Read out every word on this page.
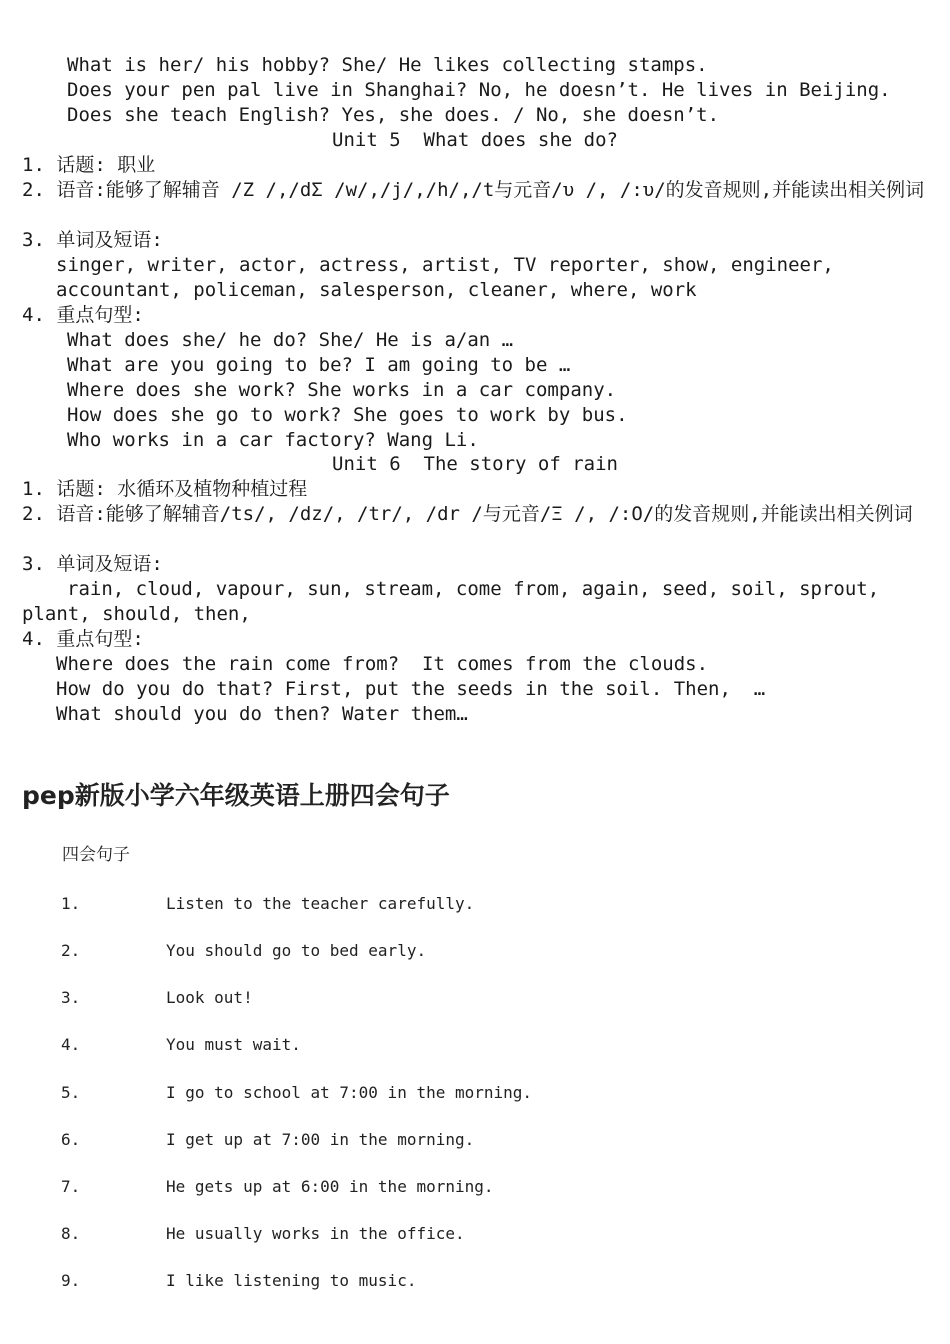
What is her/ his hobby? She/ He likes collecting stamps.
Does your pen pal live in Shanghai? No, he doesn’t. He lives in Beijing.
Does she teach English? Yes, she does. / No, she doesn’t.
Unit 5  What does she do?
1. 话题: 职业
2. 语音:能够了解辅音 /Z /,/dΣ /w/,/j/,/h/,/t与元音/υ /, /:υ/的发音规则,并能读出相关例词
3. 单词及短语:
singer, writer, actor, actress, artist, TV reporter, show, engineer,
accountant, policeman, salesperson, cleaner, where, work
4. 重点句型:
What does she/ he do? She/ He is a/an …
What are you going to be? I am going to be …
Where does she work? She works in a car company.
How does she go to work? She goes to work by bus.
Who works in a car factory? Wang Li.
Unit 6  The story of rain
1. 话题: 水循环及植物种植过程
2. 语音:能够了解辅音/ts/, /dz/, /tr/, /dr /与元音/Ξ /, /:O/的发音规则,并能读出相关例词
3. 单词及短语:
rain, cloud, vapour, sun, stream, come from, again, seed, soil, sprout,
plant, should, then,
4. 重点句型:
Where does the rain come from?  It comes from the clouds.
How do you do that? First, put the seeds in the soil. Then,  …
What should you do then? Water them…
pep新版小学六年级英语上册四会句子
四会句子
1.	Listen to the teacher carefully.
2.	You should go to bed early.
3.	Look out!
4.	You must wait.
5.	I go to school at 7:00 in the morning.
6.	I get up at 7:00 in the morning.
7.	He gets up at 6:00 in the morning.
8.	He usually works in the office.
9.	I like listening to music.
